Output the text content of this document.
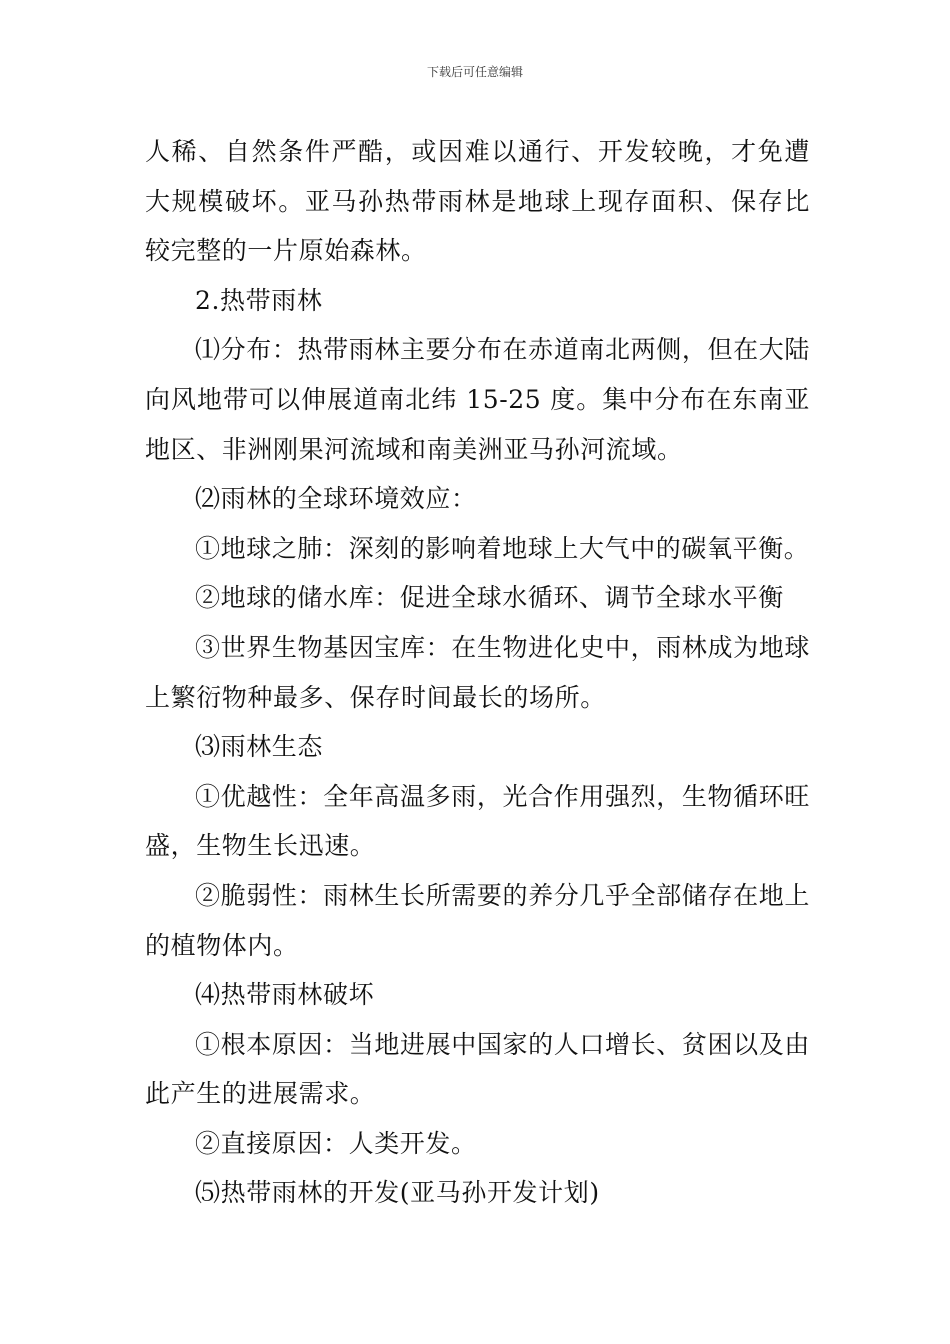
下载后可任意编辑

人稀、自然条件严酷，或因难以通行、开发较晚，才免遭大规模破坏。亚马孙热带雨林是地球上现存面积、保存比较完整的一片原始森林。

2.热带雨林

⑴分布：热带雨林主要分布在赤道南北两侧，但在大陆向风地带可以伸展道南北纬 15-25 度。集中分布在东南亚地区、非洲刚果河流域和南美洲亚马孙河流域。

⑵雨林的全球环境效应：

①地球之肺：深刻的影响着地球上大气中的碳氧平衡。

②地球的储水库：促进全球水循环、调节全球水平衡

③世界生物基因宝库：在生物进化史中，雨林成为地球上繁衍物种最多、保存时间最长的场所。

⑶雨林生态

①优越性：全年高温多雨，光合作用强烈，生物循环旺盛，生物生长迅速。

②脆弱性：雨林生长所需要的养分几乎全部储存在地上的植物体内。

⑷热带雨林破坏

①根本原因：当地进展中国家的人口增长、贫困以及由此产生的进展需求。

②直接原因：人类开发。

⑸热带雨林的开发(亚马孙开发计划)
